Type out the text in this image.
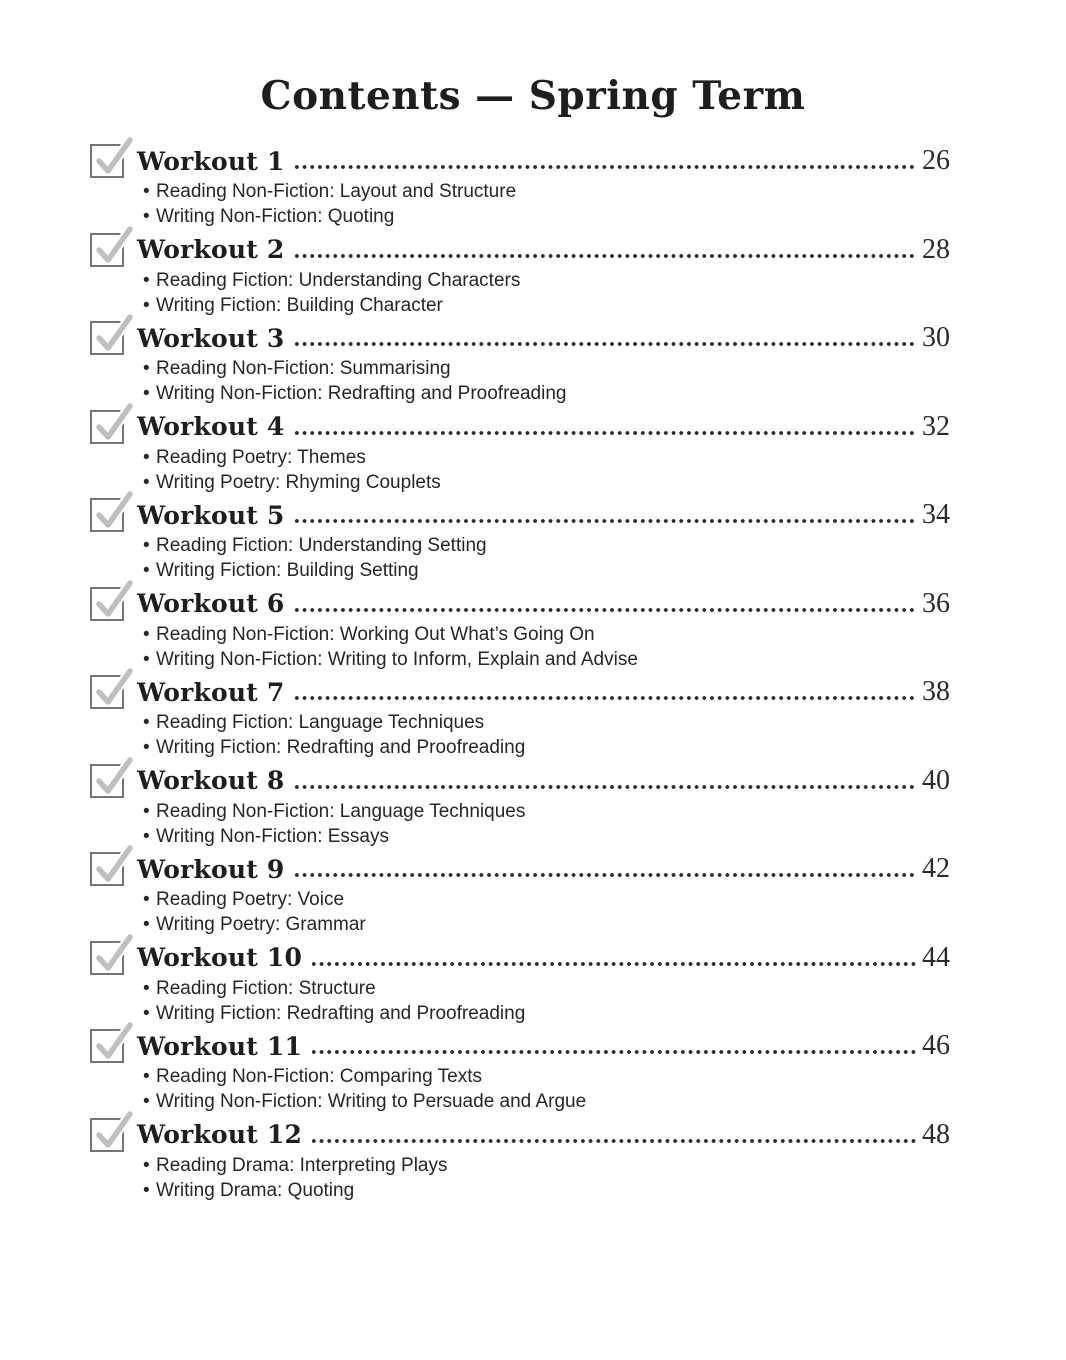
Contents — Spring Term
Workout 1	26
• Reading Non-Fiction: Layout and Structure
• Writing Non-Fiction: Quoting
Workout 2	28
• Reading Fiction: Understanding Characters
• Writing Fiction: Building Character
Workout 3	30
• Reading Non-Fiction: Summarising
• Writing Non-Fiction: Redrafting and Proofreading
Workout 4	32
• Reading Poetry: Themes
• Writing Poetry: Rhyming Couplets
Workout 5	34
• Reading Fiction: Understanding Setting
• Writing Fiction: Building Setting
Workout 6	36
• Reading Non-Fiction: Working Out What’s Going On
• Writing Non-Fiction: Writing to Inform, Explain and Advise
Workout 7	38
• Reading Fiction: Language Techniques
• Writing Fiction: Redrafting and Proofreading
Workout 8	40
• Reading Non-Fiction: Language Techniques
• Writing Non-Fiction: Essays
Workout 9	42
• Reading Poetry: Voice
• Writing Poetry: Grammar
Workout 10	44
• Reading Fiction: Structure
• Writing Fiction: Redrafting and Proofreading
Workout 11	46
• Reading Non-Fiction: Comparing Texts
• Writing Non-Fiction: Writing to Persuade and Argue
Workout 12	48
• Reading Drama: Interpreting Plays
• Writing Drama: Quoting
